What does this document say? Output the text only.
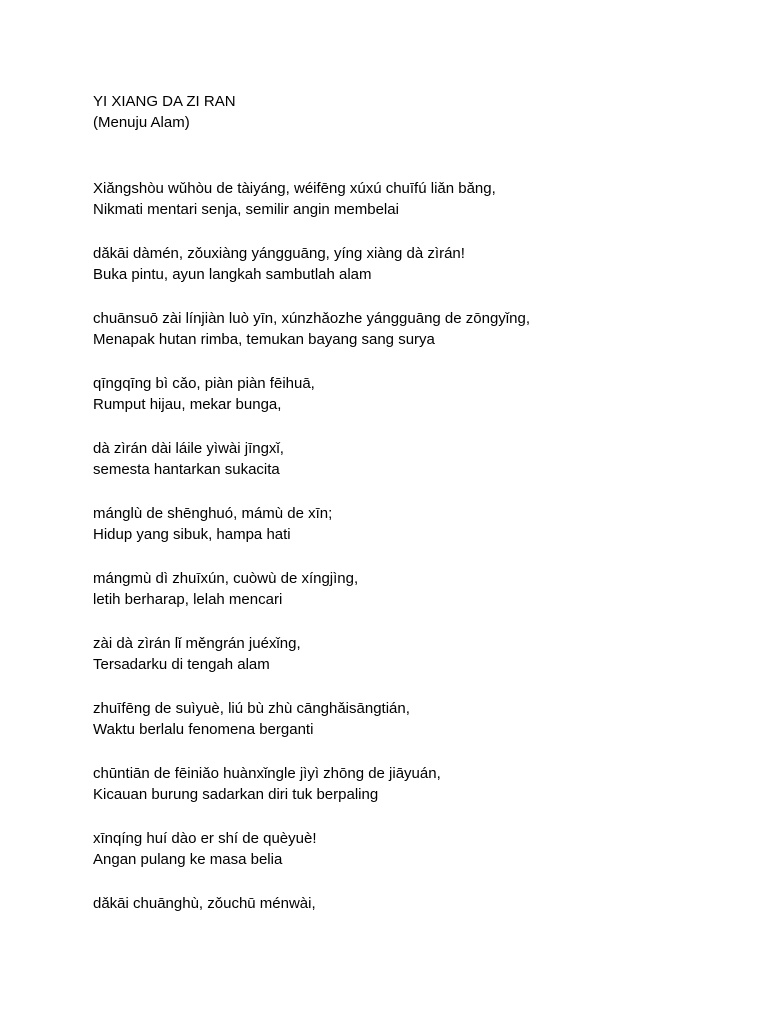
YI XIANG DA ZI RAN

(Menuju Alam)

Xiǎngshòu wǔhòu de tàiyáng, wéifēng xúxú chuīfú liǎn bǎng,

Nikmati mentari senja, semilir angin membelai

dǎkāi dàmén, zǒuxiàng yángguāng, yíng xiàng dà zìrán!

Buka pintu, ayun langkah sambutlah alam

chuānsuō zài línjiàn luò yīn, xúnzhǎozhe yángguāng de zōngyǐng,

Menapak hutan rimba, temukan bayang sang surya

qīngqīng bì cǎo, piàn piàn fēihuā,

Rumput hijau, mekar bunga,

dà zìrán dài láile yìwài jīngxǐ,

semesta hantarkan sukacita

mánglù de shēnghuó, mámù de xīn;

Hidup yang sibuk, hampa hati

mángmù dì zhuīxún, cuòwù de xíngjìng,

letih berharap, lelah mencari

zài dà zìrán lǐ měngrán juéxǐng,

Tersadarku di tengah alam

zhuīfēng de suìyuè, liú bù zhù cānghǎisāngtián,

Waktu berlalu fenomena berganti

chūntiān de fēiniǎo huànxǐngle jìyì zhōng de jiāyuán,

Kicauan burung sadarkan diri tuk berpaling

xīnqíng huí dào er shí de quèyuè!

Angan pulang ke masa belia

dǎkāi chuānghù, zǒuchū ménwài,
